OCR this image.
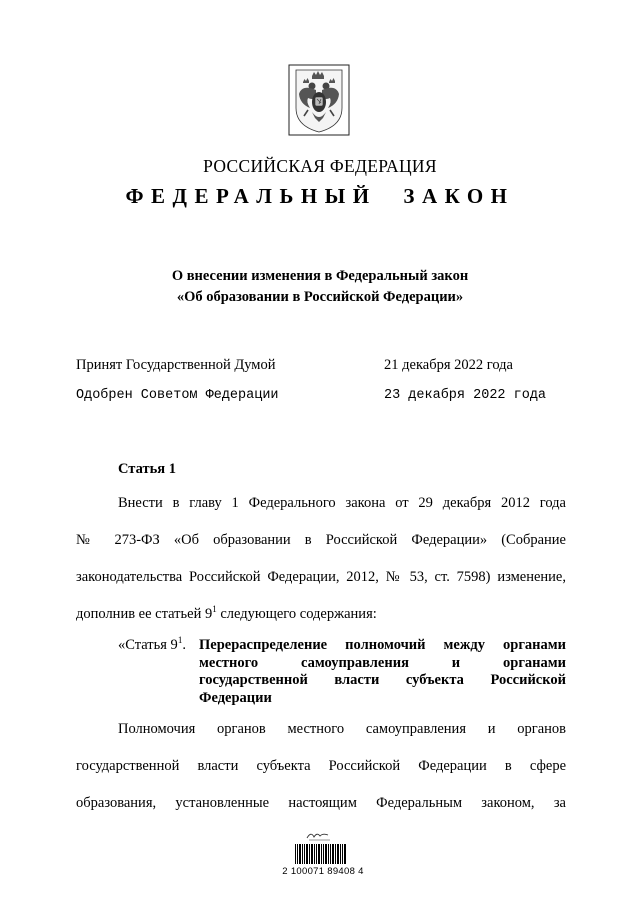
РОССИЙСКАЯ ФЕДЕРАЦИЯ
ФЕДЕРАЛЬНЫЙ ЗАКОН
О внесении изменения в Федеральный закон
«Об образовании в Российской Федерации»
Принят Государственной Думой	21 декабря 2022 года
Одобрен Советом Федерации	23 декабря 2022 года
Статья 1
Внести в главу 1 Федерального закона от 29 декабря 2012 года
№ 273-ФЗ «Об образовании в Российской Федерации» (Собрание
законодательства Российской Федерации, 2012, № 53, ст. 7598) изменение,
дополнив ее статьей $9^1$ следующего содержания:
«Статья $9^1$. Перераспределение полномочий между органами
местного самоуправления и органами
государственной власти субъекта Российской
Федерации
Полномочия органов местного самоуправления и органов
государственной власти субъекта Российской Федерации в сфере
образования, установленные настоящим Федеральным законом, за
2 100071 89408 4
